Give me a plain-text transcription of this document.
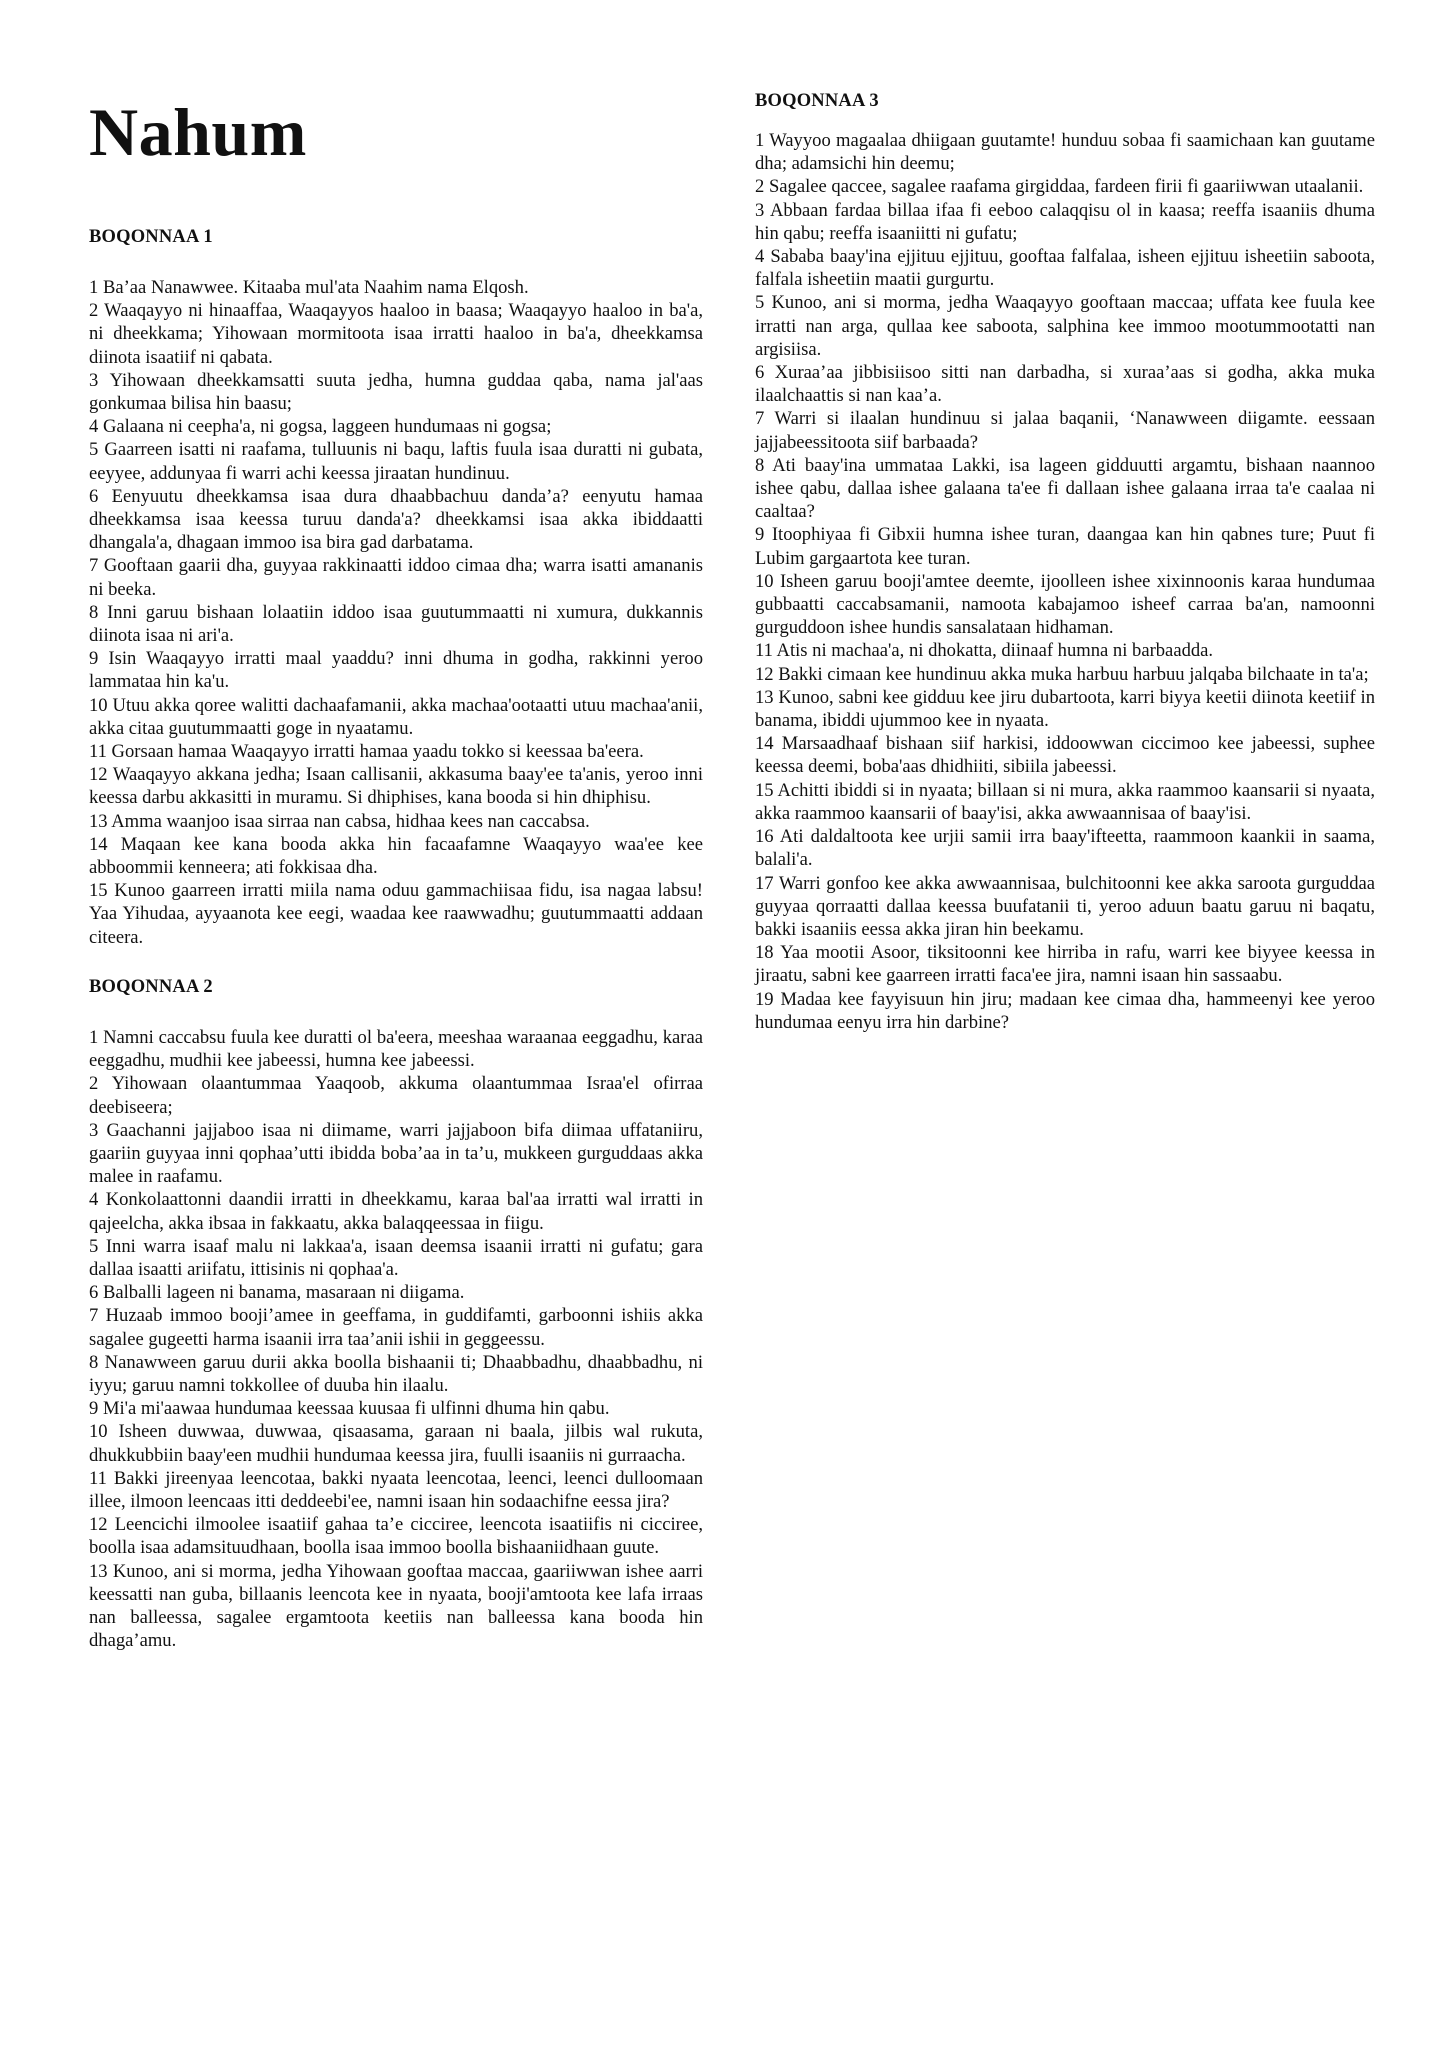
Nahum
BOQONNAA 1

1 Ba’aa Nanawwee. Kitaaba mul'ata Naahim nama Elqosh.

2 Waaqayyo ni hinaaffaa, Waaqayyos haaloo in baasa; Waaqayyo haaloo in ba'a, ni dheekkama; Yihowaan mormitoota isaa irratti haaloo in ba'a, dheekkamsa diinota isaatiif ni qabata.

3 Yihowaan dheekkamsatti suuta jedha, humna guddaa qaba, nama jal'aas gonkumaa bilisa hin baasu;

4 Galaana ni ceepha'a, ni gogsa, laggeen hundumaas ni gogsa;

5 Gaarreen isatti ni raafama, tulluunis ni baqu, laftis fuula isaa duratti ni gubata, eeyyee, addunyaa fi warri achi keessa jiraatan hundinuu.

6 Eenyuutu dheekkamsa isaa dura dhaabbachuu danda’a? eenyutu hamaa dheekkamsa isaa keessa turuu danda'a? dheekkamsi isaa akka ibiddaatti dhangala'a, dhagaan immoo isa bira gad darbatama.

7 Gooftaan gaarii dha, guyyaa rakkinaatti iddoo cimaa dha; warra isatti amananis ni beeka.

8 Inni garuu bishaan lolaatiin iddoo isaa guutummaatti ni xumura, dukkannis diinota isaa ni ari'a.

9 Isin Waaqayyo irratti maal yaaddu? inni dhuma in godha, rakkinni yeroo lammataa hin ka'u.

10 Utuu akka qoree walitti dachaafamanii, akka machaa'ootaatti utuu machaa'anii, akka citaa guutummaatti goge in nyaatamu.

11 Gorsaan hamaa Waaqayyo irratti hamaa yaadu tokko si keessaa ba'eera.

12 Waaqayyo akkana jedha; Isaan callisanii, akkasuma baay'ee ta'anis, yeroo inni keessa darbu akkasitti in muramu. Si dhiphises, kana booda si hin dhiphisu.

13 Amma waanjoo isaa sirraa nan cabsa, hidhaa kees nan caccabsa.

14 Maqaan kee kana booda akka hin facaafamne Waaqayyo waa'ee kee abboommii kenneera; ati fokkisaa dha.

15 Kunoo gaarreen irratti miila nama oduu gammachiisaa fidu, isa nagaa labsu! Yaa Yihudaa, ayyaanota kee eegi, waadaa kee raawwadhu; guutummaatti addaan citeera.

BOQONNAA 2

1 Namni caccabsu fuula kee duratti ol ba'eera, meeshaa waraanaa eeggadhu, karaa eeggadhu, mudhii kee jabeessi, humna kee jabeessi.

2 Yihowaan olaantummaa Yaaqoob, akkuma olaantummaa Israa'el ofirraa deebiseera;

3 Gaachanni jajjaboo isaa ni diimame, warri jajjaboon bifa diimaa uffataniiru, gaariin guyyaa inni qophaa’utti ibidda boba’aa in ta’u, mukkeen gurguddaas akka malee in raafamu.

4 Konkolaattonni daandii irratti in dheekkamu, karaa bal'aa irratti wal irratti in qajeelcha, akka ibsaa in fakkaatu, akka balaqqeessaa in fiigu.

5 Inni warra isaaf malu ni lakkaa'a, isaan deemsa isaanii irratti ni gufatu; gara dallaa isaatti ariifatu, ittisinis ni qophaa'a.

6 Balballi lageen ni banama, masaraan ni diigama.

7 Huzaab immoo booji’amee in geeffama, in guddifamti, garboonni ishiis akka sagalee gugeetti harma isaanii irra taa’anii ishii in geggeessu.

8 Nanawween garuu durii akka boolla bishaanii ti; Dhaabbadhu, dhaabbadhu, ni iyyu; garuu namni tokkollee of duuba hin ilaalu.

9 Mi'a mi'aawaa hundumaa keessaa kuusaa fi ulfinni dhuma hin qabu.

10 Isheen duwwaa, duwwaa, qisaasama, garaan ni baala, jilbis wal rukuta, dhukkubbiin baay'een mudhii hundumaa keessa jira, fuulli isaaniis ni gurraacha.

11 Bakki jireenyaa leencotaa, bakki nyaata leencotaa, leenci, leenci dulloomaan illee, ilmoon leencaas itti deddeebi'ee, namni isaan hin sodaachifne eessa jira?

12 Leencichi ilmoolee isaatiif gahaa ta’e cicciree, leencota isaatiifis ni cicciree, boolla isaa adamsituudhaan, boolla isaa immoo boolla bishaaniidhaan guute.

13 Kunoo, ani si morma, jedha Yihowaan gooftaa maccaa, gaariiwwan ishee aarri keessatti nan guba, billaanis leencota kee in nyaata, booji'amtoota kee lafa irraas nan balleessa, sagalee ergamtoota keetiis nan balleessa kana booda hin dhaga’amu.

BOQONNAA 3

1 Wayyoo magaalaa dhiigaan guutamte! hunduu sobaa fi saamichaan kan guutame dha; adamsichi hin deemu;

2 Sagalee qaccee, sagalee raafama girgiddaa, fardeen firii fi gaariiwwan utaalanii.

3 Abbaan fardaa billaa ifaa fi eeboo calaqqisu ol in kaasa; reeffa isaaniis dhuma hin qabu; reeffa isaaniitti ni gufatu;

4 Sababa baay'ina ejjituu ejjituu, gooftaa falfalaa, isheen ejjituu isheetiin saboota, falfala isheetiin maatii gurgurtu.

5 Kunoo, ani si morma, jedha Waaqayyo gooftaan maccaa; uffata kee fuula kee irratti nan arga, qullaa kee saboota, salphina kee immoo mootummootatti nan argisiisa.

6 Xuraa’aa jibbisiisoo sitti nan darbadha, si xuraa’aas si godha, akka muka ilaalchaattis si nan kaa’a.

7 Warri si ilaalan hundinuu si jalaa baqanii, ‘Nanawween diigamte. eessaan jajjabeessitoota siif barbaada?

8 Ati baay'ina ummataa Lakki, isa lageen gidduutti argamtu, bishaan naannoo ishee qabu, dallaa ishee galaana ta'ee fi dallaan ishee galaana irraa ta'e caalaa ni caaltaa?

9 Itoophiyaa fi Gibxii humna ishee turan, daangaa kan hin qabnes ture; Puut fi Lubim gargaartota kee turan.

10 Isheen garuu booji'amtee deemte, ijoolleen ishee xixinnoonis karaa hundumaa gubbaatti caccabsamanii, namoota kabajamoo isheef carraa ba'an, namoonni gurguddoon ishee hundis sansalataan hidhaman.

11 Atis ni machaa'a, ni dhokatta, diinaaf humna ni barbaadda.

12 Bakki cimaan kee hundinuu akka muka harbuu harbuu jalqaba bilchaate in ta'a;

13 Kunoo, sabni kee gidduu kee jiru dubartoota, karri biyya keetii diinota keetiif in banama, ibiddi ujummoo kee in nyaata.

14 Marsaadhaaf bishaan siif harkisi, iddoowwan ciccimoo kee jabeessi, suphee keessa deemi, boba'aas dhidhiiti, sibiila jabeessi.

15 Achitti ibiddi si in nyaata; billaan si ni mura, akka raammoo kaansarii si nyaata, akka raammoo kaansarii of baay'isi, akka awwaannisaa of baay'isi.

16 Ati daldaltoota kee urjii samii irra baay'ifteetta, raammoon kaankii in saama, balali'a.

17 Warri gonfoo kee akka awwaannisaa, bulchitoonni kee akka saroota gurguddaa guyyaa qorraatti dallaa keessa buufatanii ti, yeroo aduun baatu garuu ni baqatu, bakki isaaniis eessa akka jiran hin beekamu.

18 Yaa mootii Asoor, tiksitoonni kee hirriba in rafu, warri kee biyyee keessa in jiraatu, sabni kee gaarreen irratti faca'ee jira, namni isaan hin sassaabu.

19 Madaa kee fayyisuun hin jiru; madaan kee cimaa dha, hammeenyi kee yeroo hundumaa eenyu irra hin darbine?
